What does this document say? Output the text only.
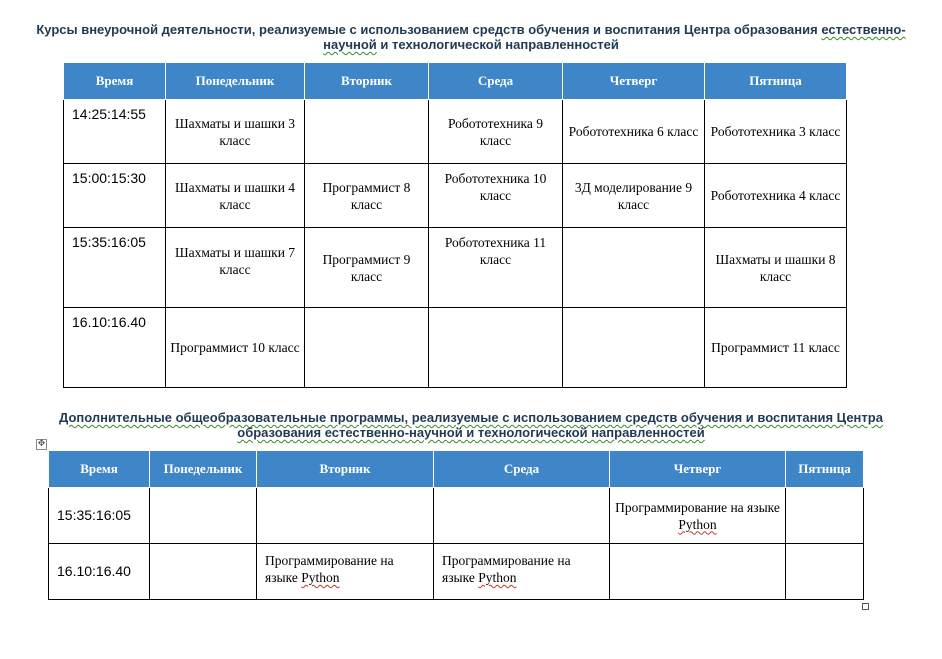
Курсы внеурочной деятельности, реализуемые с использованием средств обучения и воспитания Центра образования естественно-
научной и технологической направленностей
Время	Понедельник	Вторник	Среда	Четверг	Пятница
14:25:14:55	Шахматы и шашки 3 класс		Робототехника 9 класс	Робототехника 6 класс	Робототехника 3 класс
15:00:15:30	Шахматы и шашки 4 класс	Программист 8 класс	Робототехника 10 класс	3Д моделирование 9 класс	Робототехника 4 класс
15:35:16:05	Шахматы и шашки 7 класс	Программист 9 класс	Робототехника 11 класс		Шахматы и шашки 8 класс
16.10:16.40	Программист 10 класс				Программист 11 класс
Дополнительные общеобразовательные программы, реализуемые с использованием средств обучения и воспитания Центра
образования естественно-научной и технологической направленностей
✥
Время	Понедельник	Вторник	Среда	Четверг	Пятница
15:35:16:05				Программирование на языке Python	
16.10:16.40		Программирование на языке Python	Программирование на языке Python		
